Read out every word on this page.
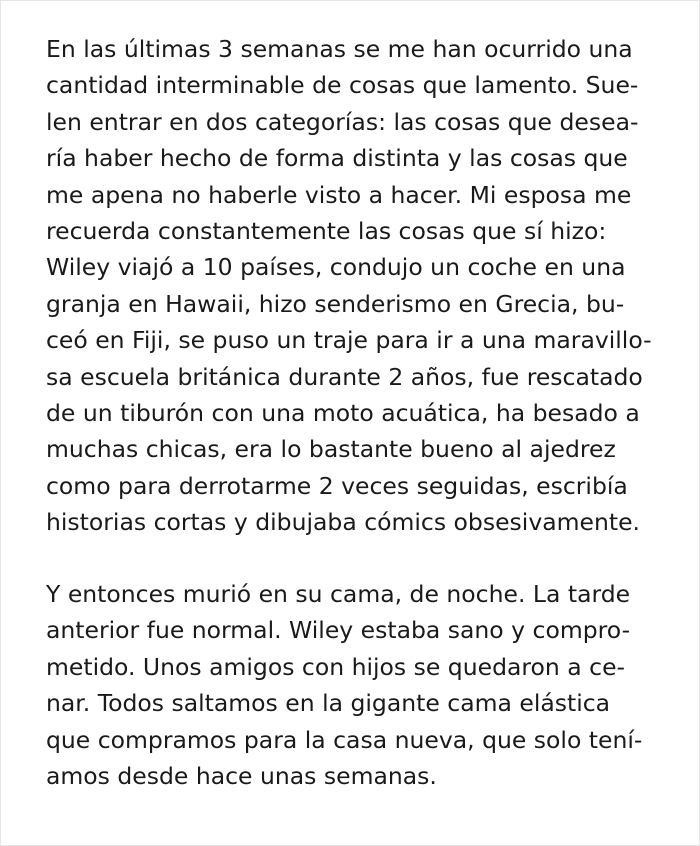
En las últimas 3 semanas se me han ocurrido una
cantidad interminable de cosas que lamento. Sue-
len entrar en dos categorías: las cosas que desea-
ría haber hecho de forma distinta y las cosas que
me apena no haberle visto a hacer. Mi esposa me
recuerda constantemente las cosas que sí hizo:
Wiley viajó a 10 países, condujo un coche en una
granja en Hawaii, hizo senderismo en Grecia, bu-
ceó en Fiji, se puso un traje para ir a una maravillo-
sa escuela británica durante 2 años, fue rescatado
de un tiburón con una moto acuática, ha besado a
muchas chicas, era lo bastante bueno al ajedrez
como para derrotarme 2 veces seguidas, escribía
historias cortas y dibujaba cómics obsesivamente.

Y entonces murió en su cama, de noche. La tarde
anterior fue normal. Wiley estaba sano y compro-
metido. Unos amigos con hijos se quedaron a ce-
nar. Todos saltamos en la gigante cama elástica
que compramos para la casa nueva, que solo tení-
amos desde hace unas semanas.
